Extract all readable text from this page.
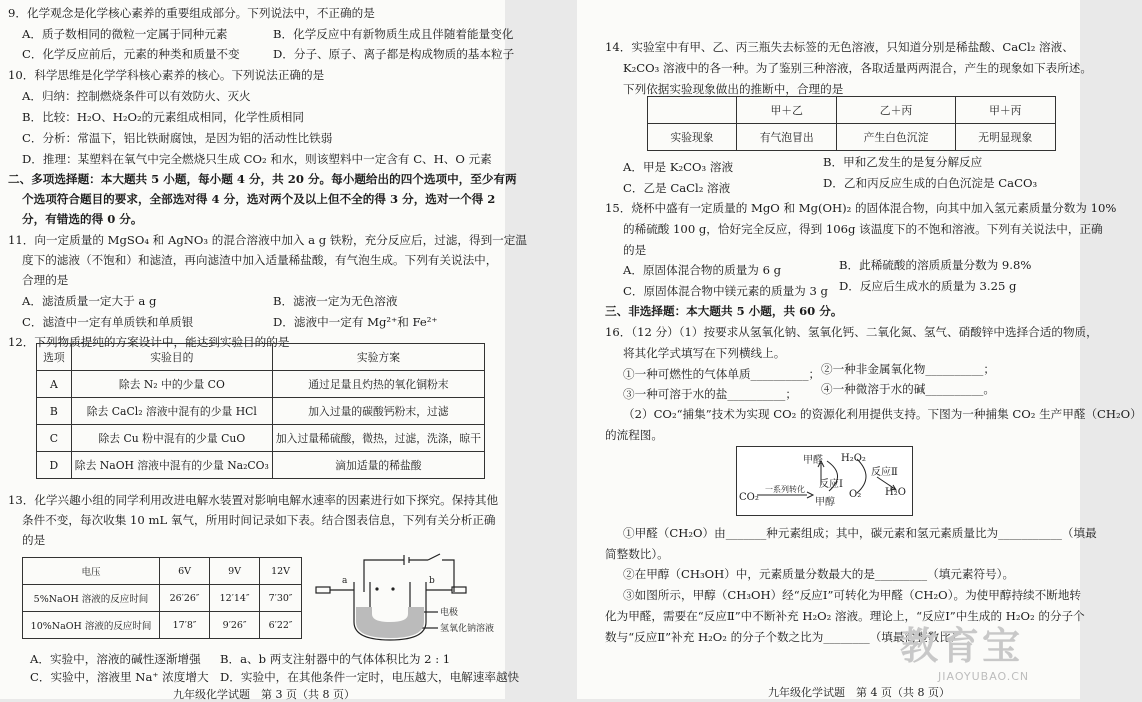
9．化学观念是化学核心素养的重要组成部分。下列说法中，不正确的是
A．质子数相同的微粒一定属于同种元素	B．化学反应中有新物质生成且伴随着能量变化
C．化学反应前后，元素的种类和质量不变	D．分子、原子、离子都是构成物质的基本粒子
10．科学思维是化学学科核心素养的核心。下列说法正确的是
A．归纳：控制燃烧条件可以有效防火、灭火
B．比较：H₂O、H₂O₂的元素组成相同，化学性质相同
C．分析：常温下，铝比铁耐腐蚀，是因为铝的活动性比铁弱
D．推理：某塑料在氧气中完全燃烧只生成 CO₂ 和水，则该塑料中一定含有 C、H、O 元素
二、多项选择题：本大题共 5 小题，每小题 4 分，共 20 分。每小题给出的四个选项中，至少有两
个选项符合题目的要求，全部选对得 4 分，选对两个及以上但不全的得 3 分，选对一个得 2
分，有错选的得 0 分。
11．向一定质量的 MgSO₄ 和 AgNO₃ 的混合溶液中加入 a g 铁粉，充分反应后，过滤，得到一定温
度下的滤液（不饱和）和滤渣，再向滤渣中加入适量稀盐酸，有气泡生成。下列有关说法中，
合理的是
A．滤渣质量一定大于 a g	B．滤液一定为无色溶液
C．滤渣中一定有单质铁和单质银	D．滤液中一定有 Mg²⁺和 Fe²⁺
12．下列物质提纯的方案设计中，能达到实验目的的是
选项	实验目的	实验方案
A	除去 N₂ 中的少量 CO	通过足量且灼热的氧化铜粉末
B	除去 CaCl₂ 溶液中混有的少量 HCl	加入过量的碳酸钙粉末，过滤
C	除去 Cu 粉中混有的少量 CuO	加入过量稀硫酸，微热，过滤，洗涤，晾干
D	除去 NaOH 溶液中混有的少量 Na₂CO₃	滴加适量的稀盐酸
13．化学兴趣小组的同学利用改进电解水装置对影响电解水速率的因素进行如下探究。保持其他
条件不变，每次收集 10 mL 氧气，所用时间记录如下表。结合图表信息，下列有关分析正确
的是
电压	6V	9V	12V
5%NaOH 溶液的反应时间	26′26″	12′14″	7′30″
10%NaOH 溶液的反应时间	17′8″	9′26″	6′22″
a	b
电极
氢氧化钠溶液
A．实验中，溶液的碱性逐渐增强 B．a、b 两支注射器中的气体体积比为 2 : 1
C．实验中，溶液里 Na⁺ 浓度增大 D．实验中，在其他条件一定时，电压越大，电解速率越快
九年级化学试题　第 3 页（共 8 页）
14．实验室中有甲、乙、丙三瓶失去标签的无色溶液，只知道分别是稀盐酸、CaCl₂ 溶液、
K₂CO₃ 溶液中的各一种。为了鉴别三种溶液，各取适量两两混合，产生的现象如下表所述。
下列依据实验现象做出的推断中，合理的是
	甲＋乙	乙＋丙	甲＋丙
实验现象	有气泡冒出	产生白色沉淀	无明显现象
A．甲是 K₂CO₃ 溶液	B．甲和乙发生的是复分解反应
C．乙是 CaCl₂ 溶液	D．乙和丙反应生成的白色沉淀是 CaCO₃
15．烧杯中盛有一定质量的 MgO 和 Mg(OH)₂ 的固体混合物，向其中加入氢元素质量分数为 10%
的稀硫酸 100 g，恰好完全反应，得到 106g 该温度下的不饱和溶液。下列有关说法中，正确
的是
A．原固体混合物的质量为 6 g	B．此稀硫酸的溶质质量分数为 9.8%
C．原固体混合物中镁元素的质量为 3 g D．反应后生成水的质量为 3.25 g
三、非选择题：本大题共 5 小题，共 60 分。
16．（12 分）（1）按要求从氢氧化钠、氢氧化钙、二氧化氮、氢气、硝酸锌中选择合适的物质，
将其化学式填写在下列横线上。
①一种可燃性的气体单质__________； ②一种非金属氧化物__________；
③一种可溶于水的盐__________； ④一种微溶于水的碱__________。
（2）CO₂“捕集”技术为实现 CO₂ 的资源化利用提供支持。下图为一种捕集 CO₂ 生产甲醛（CH₂O）
的流程图。
甲醛 H₂O₂
反应Ⅱ
反应Ⅰ
一系列转化
CO₂	甲醇
O₂ H₂O
①甲醛（CH₂O）由_______种元素组成；其中，碳元素和氢元素质量比为___________（填最
简整数比）。
②在甲醇（CH₃OH）中，元素质量分数最大的是_________（填元素符号）。
③如图所示，甲醇（CH₃OH）经“反应Ⅰ”可转化为甲醛（CH₂O）。为使甲醇持续不断地转
化为甲醛，需要在“反应Ⅱ”中不断补充 H₂O₂ 溶液。理论上，“反应Ⅰ”中生成的 H₂O₂ 的分子个
数与“反应Ⅱ”补充 H₂O₂ 的分子个数之比为________（填最简整数比）
九年级化学试题　第 4 页（共 8 页）
教育宝
JIAOYUBAO.CN
